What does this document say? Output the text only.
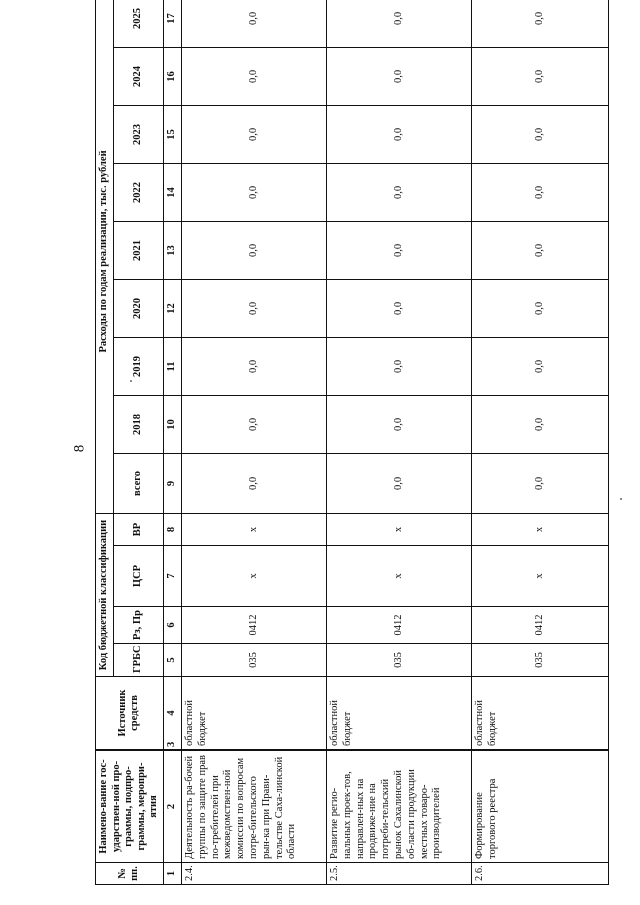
8
№ пп.	Наимено-вание гос-ударствен-ной про-граммы, подпро-граммы, меропри-ятия		Источник средств	Код бюджетной классификации				Расходы по годам реализации, тыс. рублей								
			ГРБС	Рз, Пр	ЦСР	ВР	всего	2018	2019	2020	2021	2022	2023	2024	2025
1	2	3	4	5	6	7	8	9	10	11	12	13	14	15	16	17
2.4.	Деятельность ра-бочей группы по защите прав по-требителей при межведомствен-ной комиссии по вопросам потре-бительского рын-ка при Прави-тельстве Саха-линской области		областной бюджет	035	0412	х	х	0,0	0,0	0,0	0,0	0,0	0,0	0,0	0,0	0,0
2.5.	Развитие регио-нальных проек-тов, направлен-ных на продвиже-ние на потреби-тельский рынок Сахалинской об-ласти продукции местных товаро-производителей		областной бюджет	035	0412	х	х	0,0	0,0	0,0	0,0	0,0	0,0	0,0	0,0	0,0
2.6.	Формирование торгового реестра		областной бюджет	035	0412	х	х	0,0	0,0	0,0	0,0	0,0	0,0	0,0	0,0	0,0
